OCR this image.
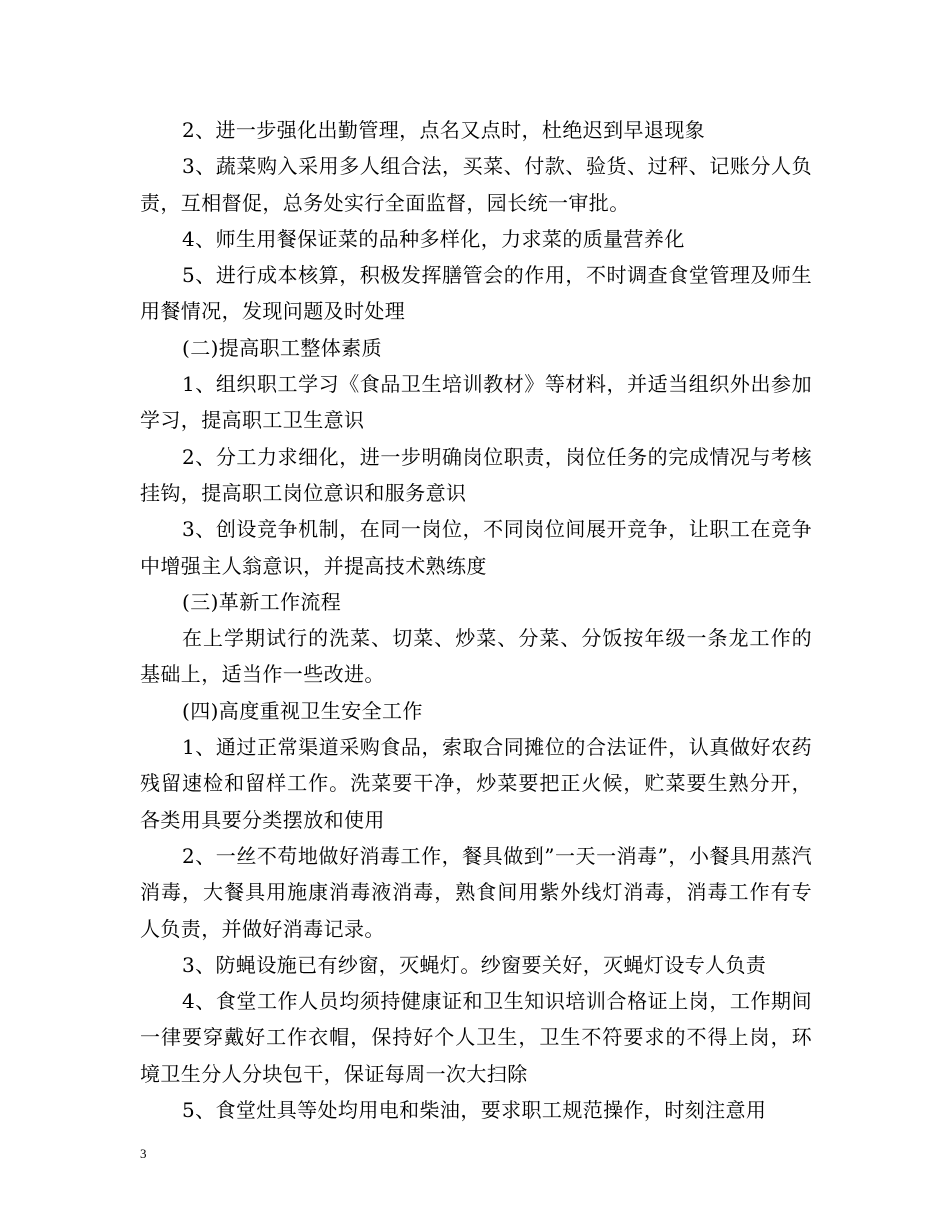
2、进一步强化出勤管理，点名又点时，杜绝迟到早退现象

3、蔬菜购入采用多人组合法，买菜、付款、验货、过秤、记账分人负责，互相督促，总务处实行全面监督，园长统一审批。

4、师生用餐保证菜的品种多样化，力求菜的质量营养化

5、进行成本核算，积极发挥膳管会的作用，不时调查食堂管理及师生用餐情况，发现问题及时处理

(二)提高职工整体素质

1、组织职工学习《食品卫生培训教材》等材料，并适当组织外出参加学习，提高职工卫生意识

2、分工力求细化，进一步明确岗位职责，岗位任务的完成情况与考核挂钩，提高职工岗位意识和服务意识

3、创设竞争机制，在同一岗位，不同岗位间展开竞争，让职工在竞争中增强主人翁意识，并提高技术熟练度

(三)革新工作流程

在上学期试行的洗菜、切菜、炒菜、分菜、分饭按年级一条龙工作的基础上，适当作一些改进。

(四)高度重视卫生安全工作

1、通过正常渠道采购食品，索取合同摊位的合法证件，认真做好农药残留速检和留样工作。洗菜要干净，炒菜要把正火候，贮菜要生熟分开，各类用具要分类摆放和使用

2、一丝不苟地做好消毒工作，餐具做到”一天一消毒”，小餐具用蒸汽消毒，大餐具用施康消毒液消毒，熟食间用紫外线灯消毒，消毒工作有专人负责，并做好消毒记录。

3、防蝇设施已有纱窗，灭蝇灯。纱窗要关好，灭蝇灯设专人负责

4、食堂工作人员均须持健康证和卫生知识培训合格证上岗，工作期间一律要穿戴好工作衣帽，保持好个人卫生，卫生不符要求的不得上岗，环境卫生分人分块包干，保证每周一次大扫除

5、食堂灶具等处均用电和柴油，要求职工规范操作，时刻注意用

3
